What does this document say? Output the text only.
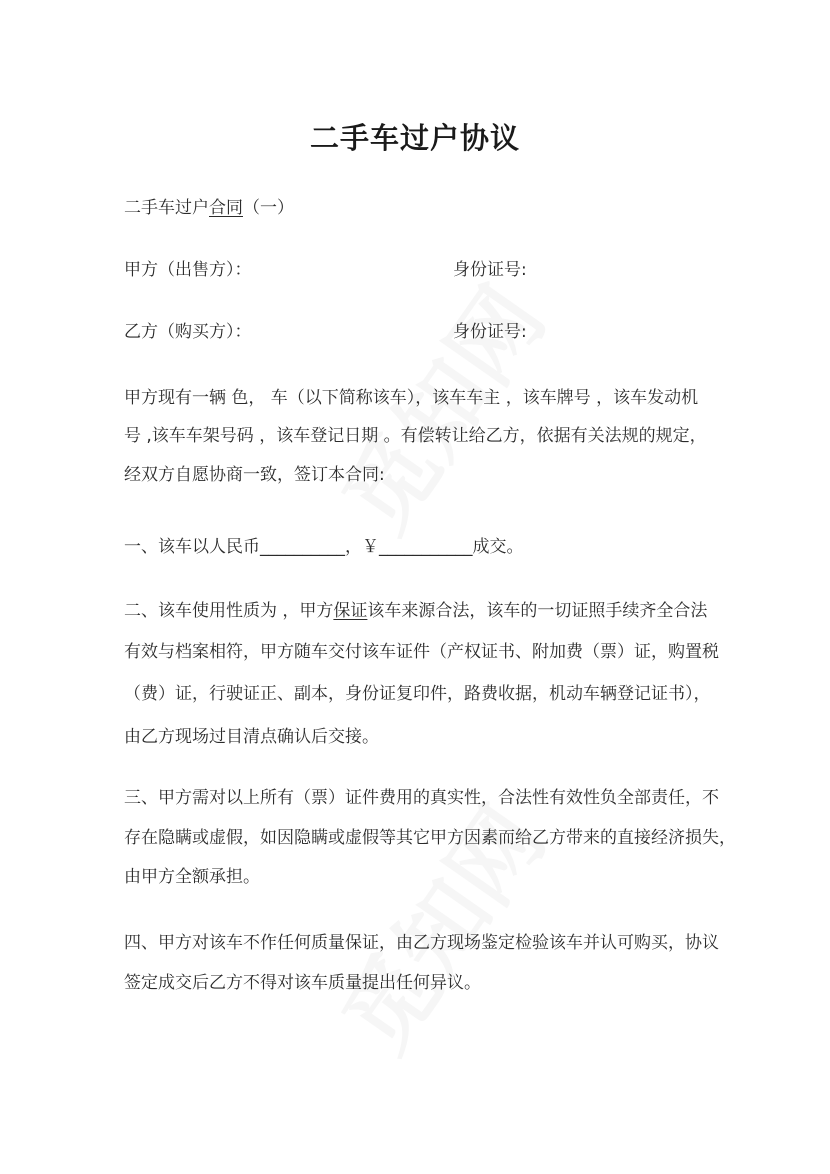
二手车过户协议
二手车过户合同（一）
甲方（出售方）：	身份证号:
乙方（购买方）：	身份证号:
甲方现有一辆 色， 车（以下简称该车），该车车主 ，该车牌号 ，该车发动机
号 ,该车车架号码 ，该车登记日期 。有偿转让给乙方，依据有关法规的规定，
经双方自愿协商一致，签订本合同:
一、该车以人民币__________，￥___________成交。
二、该车使用性质为 ，甲方保证该车来源合法，该车的一切证照手续齐全合法
有效与档案相符，甲方随车交付该车证件（产权证书、附加费（票）证，购置税
（费）证，行驶证正、副本，身份证复印件，路费收据，机动车辆登记证书），
由乙方现场过目清点确认后交接。
三、甲方需对以上所有（票）证件费用的真实性，合法性有效性负全部责任，不
存在隐瞒或虚假，如因隐瞒或虚假等其它甲方因素而给乙方带来的直接经济损失，
由甲方全额承担。
四、甲方对该车不作任何质量保证，由乙方现场鉴定检验该车并认可购买，协议
签定成交后乙方不得对该车质量提出任何异议。
